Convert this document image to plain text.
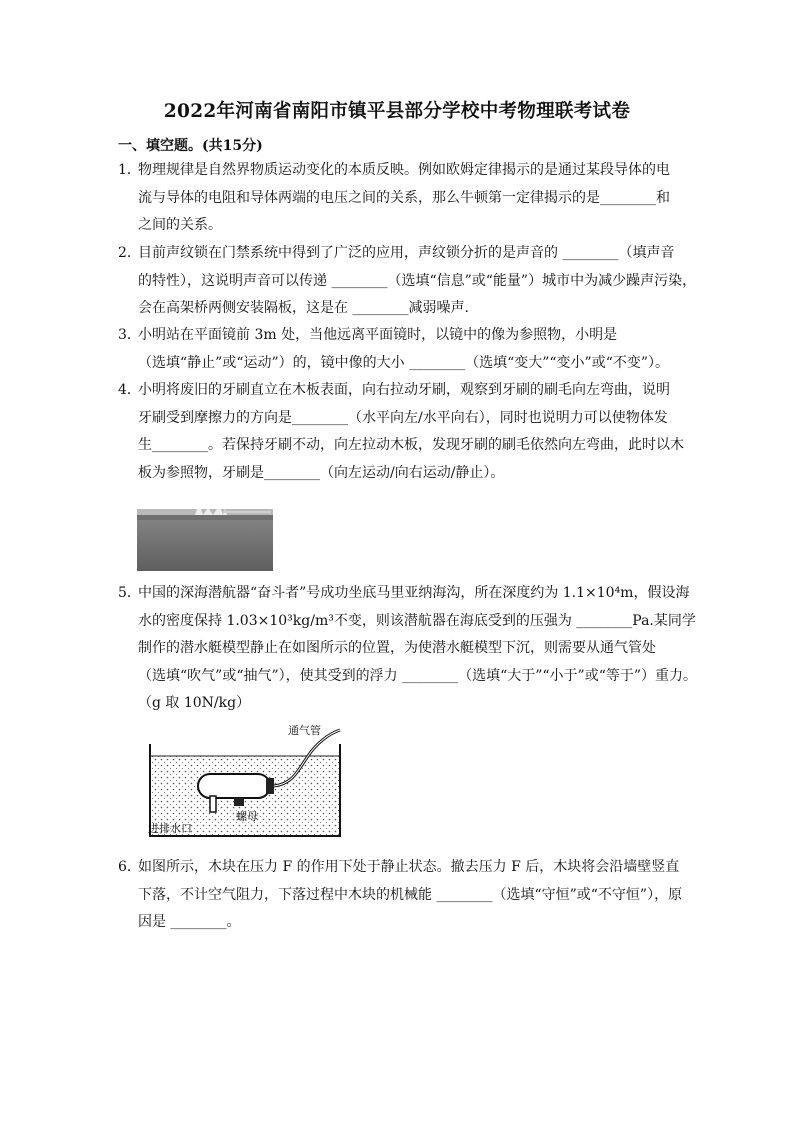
2022年河南省南阳市镇平县部分学校中考物理联考试卷
一、填空题。(共15分)
1．物理规律是自然界物质运动变化的本质反映。例如欧姆定律揭示的是通过某段导体的电
流与导体的电阻和导体两端的电压之间的关系，那么牛顿第一定律揭示的是________和
之间的关系。
2．目前声纹锁在门禁系统中得到了广泛的应用，声纹锁分折的是声音的 ________（填声音
的特性），这说明声音可以传递 ________（选填“信息”或“能量”）城市中为减少躁声污染，
会在高架桥两侧安装隔板，这是在 ________减弱噪声.
3．小明站在平面镜前 3m 处，当他远离平面镜时，以镜中的像为参照物，小明是
（选填“静止”或“运动”）的，镜中像的大小 ________（选填“变大”“变小”或“不变”）。
4．小明将废旧的牙刷直立在木板表面，向右拉动牙刷，观察到牙刷的刷毛向左弯曲，说明
牙刷受到摩擦力的方向是________（水平向左/水平向右），同时也说明力可以使物体发
生________。若保持牙刷不动，向左拉动木板，发现牙刷的刷毛依然向左弯曲，此时以木
板为参照物，牙刷是________（向左运动/向右运动/静止）。
5．中国的深海潜航器“奋斗者”号成功坐底马里亚纳海沟，所在深度约为 1.1×10⁴m，假设海
水的密度保持 1.03×10³kg/m³不变，则该潜航器在海底受到的压强为 ________Pa.某同学
制作的潜水艇模型静止在如图所示的位置，为使潜水艇模型下沉，则需要从通气管处
（选填“吹气”或“抽气”），使其受到的浮力 ________（选填“大于”“小于”或“等于”）重力。
（g 取 10N/kg）
通气管
进排水口
螺母
6．如图所示，木块在压力 F 的作用下处于静止状态。撤去压力 F 后，木块将会沿墙壁竖直
下落，不计空气阻力，下落过程中木块的机械能 ________（选填“守恒”或“不守恒”），原
因是 ________。
